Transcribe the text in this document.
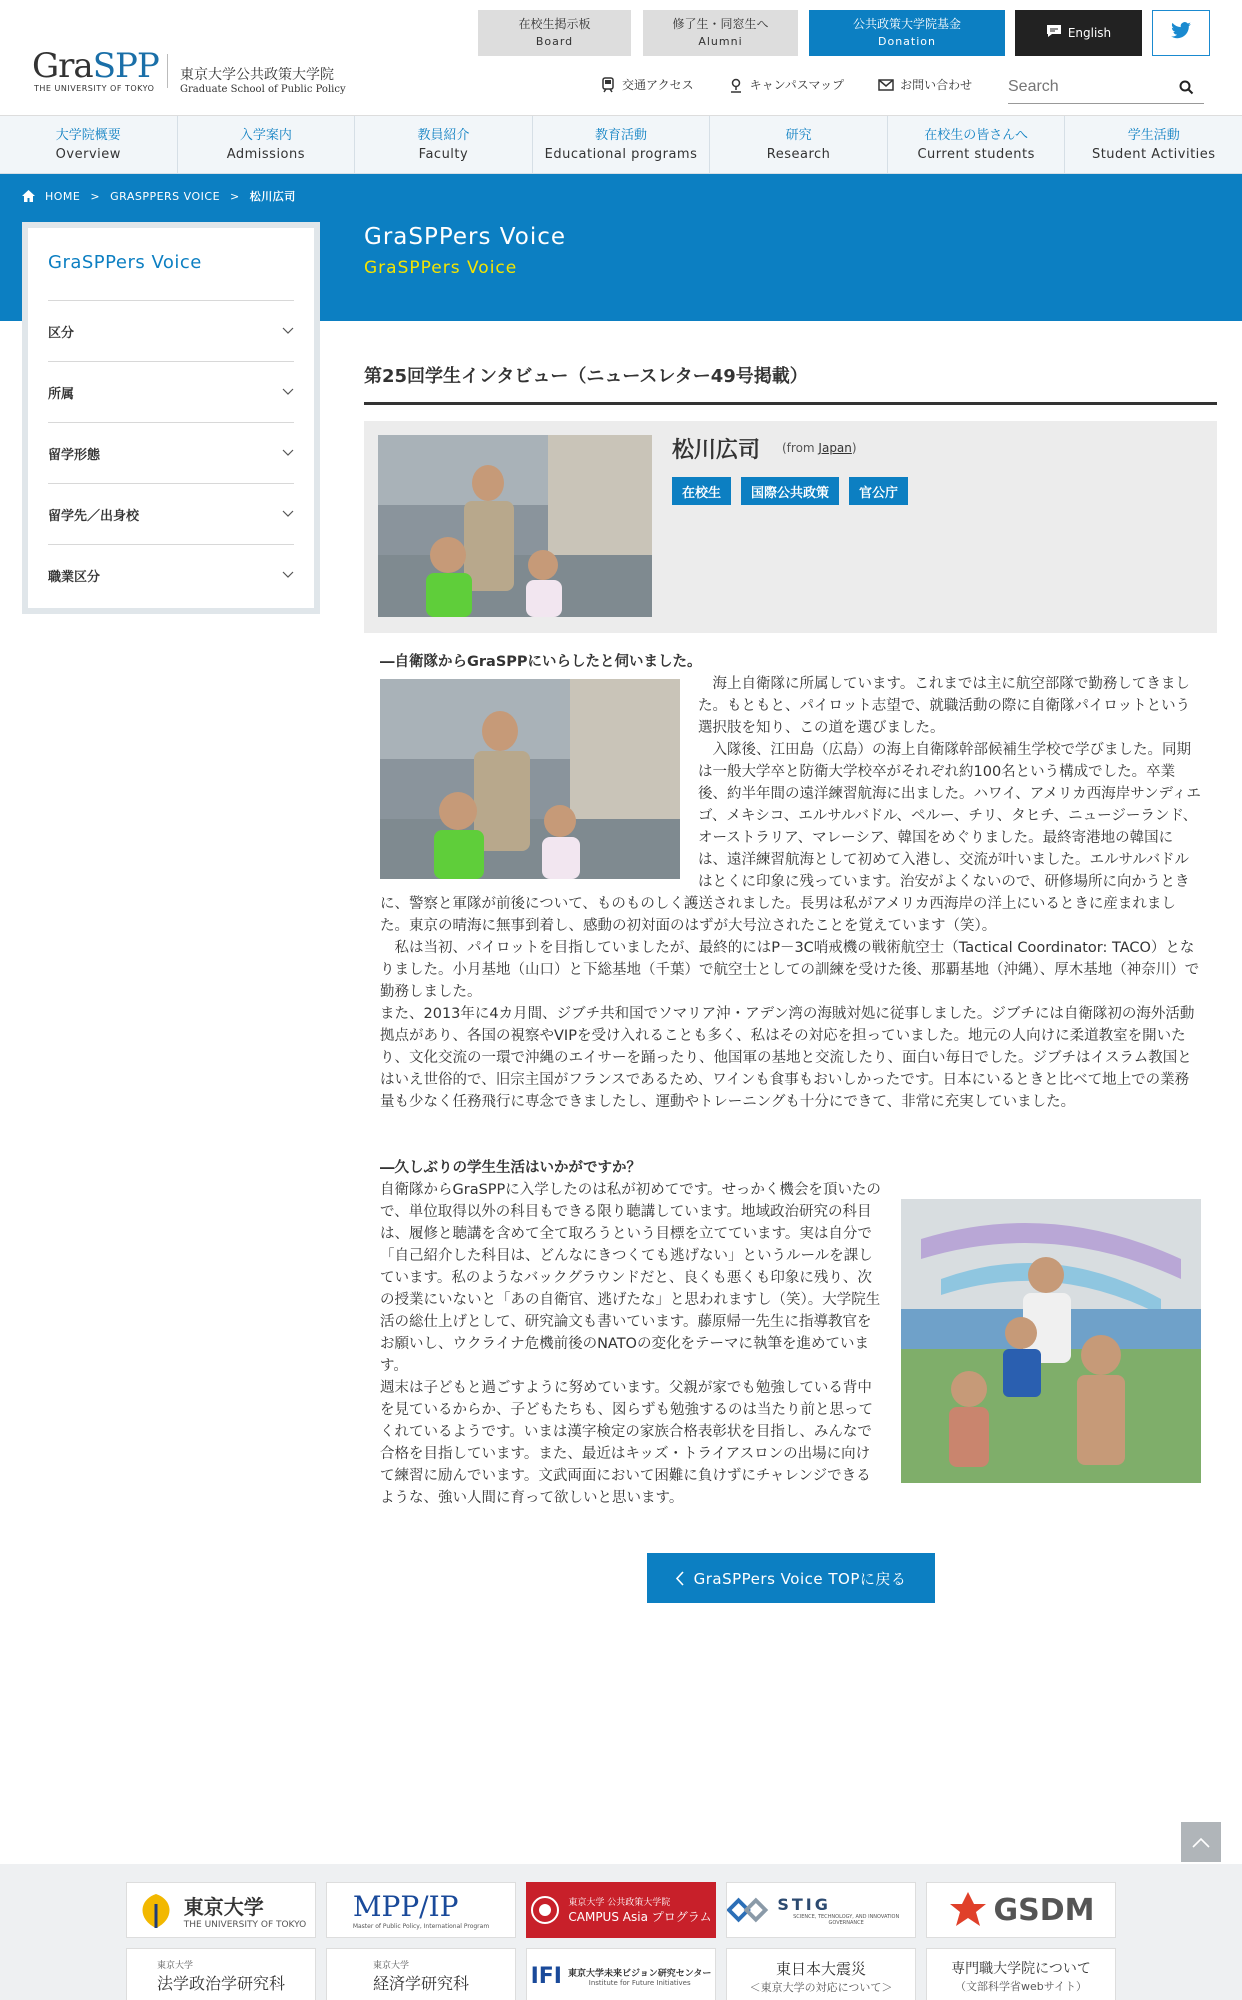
GraSPP
THE UNIVERSITY OF TOKYO
東京大学公共政策大学院
Graduate School of Public Policy
在校生掲示板
Board
修了生・同窓生へ
Alumni
公共政策大学院基金
Donation
English
交通アクセス	キャンパスマップ	お問い合わせ
Search
大学院概要
Overview
入学案内
Admissions
教員紹介
Faculty
教育活動
Educational programs
研究
Research
在校生の皆さんへ
Current students
学生活動
Student Activities
HOME > GRASPPERS VOICE > 松川広司
GraSPPers Voice
GraSPPers Voice
GraSPPers Voice
区分
所属
留学形態
留学先／出身校
職業区分
第25回学生インタビュー（ニュースレター49号掲載）
松川広司 (from Japan)
在校生	国際公共政策	官公庁

―自衛隊からGraSPPにいらしたと伺いました。

　海上自衛隊に所属しています。これまでは主に航空部隊で勤務してきました。もともと、パイロット志望で、就職活動の際に自衛隊パイロットという選択肢を知り、この道を選びました。

　入隊後、江田島（広島）の海上自衛隊幹部候補生学校で学びました。同期は一般大学卒と防衛大学校卒がそれぞれ約100名という構成でした。卒業後、約半年間の遠洋練習航海に出ました。ハワイ、アメリカ西海岸サンディエゴ、メキシコ、エルサルバドル、ペルー、チリ、タヒチ、ニュージーランド、オーストラリア、マレーシア、韓国をめぐりました。最終寄港地の韓国には、遠洋練習航海として初めて入港し、交流が叶いました。エルサルバドルはとくに印象に残っています。治安がよくないので、研修場所に向かうときに、警察と軍隊が前後について、ものものしく護送されました。長男は私がアメリカ西海岸の洋上にいるときに産まれました。東京の晴海に無事到着し、感動の初対面のはずが大号泣されたことを覚えています（笑）。

　私は当初、パイロットを目指していましたが、最終的にはP－3C哨戒機の戦術航空士（Tactical Coordinator: TACO）となりました。小月基地（山口）と下総基地（千葉）で航空士としての訓練を受けた後、那覇基地（沖縄）、厚木基地（神奈川）で勤務しました。

また、2013年に4カ月間、ジブチ共和国でソマリア沖・アデン湾の海賊対処に従事しました。ジブチには自衛隊初の海外活動拠点があり、各国の視察やVIPを受け入れることも多く、私はその対応を担っていました。地元の人向けに柔道教室を開いたり、文化交流の一環で沖縄のエイサーを踊ったり、他国軍の基地と交流したり、面白い毎日でした。ジブチはイスラム教国とはいえ世俗的で、旧宗主国がフランスであるため、ワインも食事もおいしかったです。日本にいるときと比べて地上での業務量も少なく任務飛行に専念できましたし、運動やトレーニングも十分にできて、非常に充実していました。

―久しぶりの学生生活はいかがですか？

自衛隊からGraSPPに入学したのは私が初めてです。せっかく機会を頂いたので、単位取得以外の科目もできる限り聴講しています。地域政治研究の科目は、履修と聴講を含めて全て取ろうという目標を立てています。実は自分で「自己紹介した科目は、どんなにきつくても逃げない」というルールを課しています。私のようなバックグラウンドだと、良くも悪くも印象に残り、次の授業にいないと「あの自衛官、逃げたな」と思われますし（笑）。大学院生活の総仕上げとして、研究論文も書いています。藤原帰一先生に指導教官をお願いし、ウクライナ危機前後のNATOの変化をテーマに執筆を進めています。

週末は子どもと過ごすように努めています。父親が家でも勉強している背中を見ているからか、子どもたちも、図らずも勉強するのは当たり前と思ってくれているようです。いまは漢字検定の家族合格表彰状を目指し、みんなで合格を目指しています。また、最近はキッズ・トライアスロンの出場に向けて練習に励んでいます。文武両面において困難に負けずにチャレンジできるような、強い人間に育って欲しいと思います。

GraSPPers Voice TOPに戻る
東京大学
THE UNIVERSITY OF TOKYO
MPP/IP
Master of Public Policy, International Program
東京大学 公共政策大学院
CAMPUS Asia プログラム
STIG
SCIENCE, TECHNOLOGY, AND INNOVATION GOVERNANCE	GSDM
東京大学
法学政治学研究科
東京大学
経済学研究科	IFI 東京大学未来ビジョン研究センター
Institute for Future Initiatives
東日本大震災
＜東京大学の対応について＞
専門職大学院について
（文部科学省webサイト）
